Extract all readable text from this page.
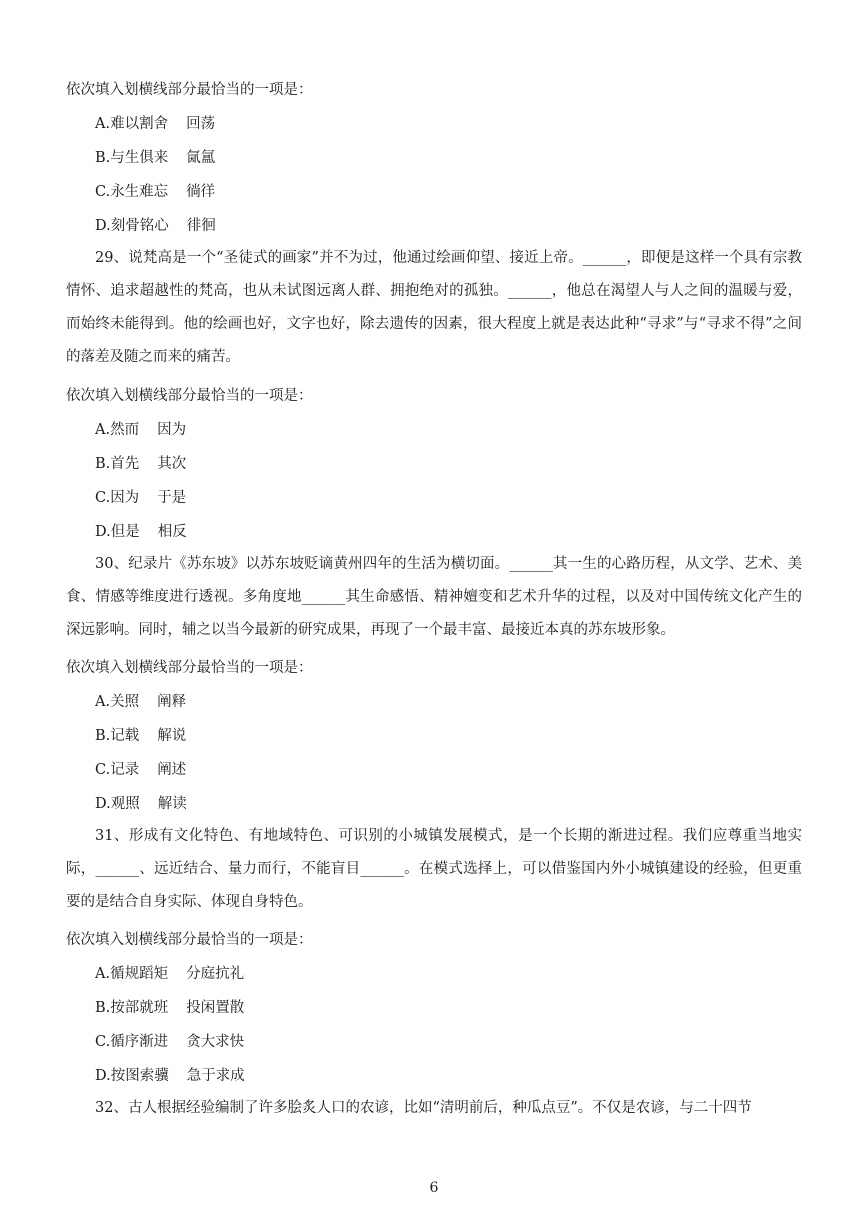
依次填入划横线部分最恰当的一项是：
A.难以割舍 回荡
B.与生俱来 氤氲
C.永生难忘 徜徉
D.刻骨铭心 徘徊
29、说梵高是一个“圣徒式的画家”并不为过，他通过绘画仰望、接近上帝。______，即便是这样一个具有宗教情怀、追求超越性的梵高，也从未试图远离人群、拥抱绝对的孤独。______，他总在渴望人与人之间的温暖与爱，而始终未能得到。他的绘画也好，文字也好，除去遗传的因素，很大程度上就是表达此种“寻求”与“寻求不得”之间的落差及随之而来的痛苦。
依次填入划横线部分最恰当的一项是：
A.然而 因为
B.首先 其次
C.因为 于是
D.但是 相反
30、纪录片《苏东坡》以苏东坡贬谪黄州四年的生活为横切面。______其一生的心路历程，从文学、艺术、美食、情感等维度进行透视。多角度地______其生命感悟、精神嬗变和艺术升华的过程，以及对中国传统文化产生的深远影响。同时，辅之以当今最新的研究成果，再现了一个最丰富、最接近本真的苏东坡形象。
依次填入划横线部分最恰当的一项是：
A.关照 阐释
B.记载 解说
C.记录 阐述
D.观照 解读
31、形成有文化特色、有地域特色、可识别的小城镇发展模式，是一个长期的渐进过程。我们应尊重当地实际，______、远近结合、量力而行，不能盲目______。在模式选择上，可以借鉴国内外小城镇建设的经验，但更重要的是结合自身实际、体现自身特色。
依次填入划横线部分最恰当的一项是：
A.循规蹈矩 分庭抗礼
B.按部就班 投闲置散
C.循序渐进 贪大求快
D.按图索骥 急于求成
32、古人根据经验编制了许多脍炙人口的农谚，比如“清明前后，种瓜点豆”。不仅是农谚，与二十四节
6
